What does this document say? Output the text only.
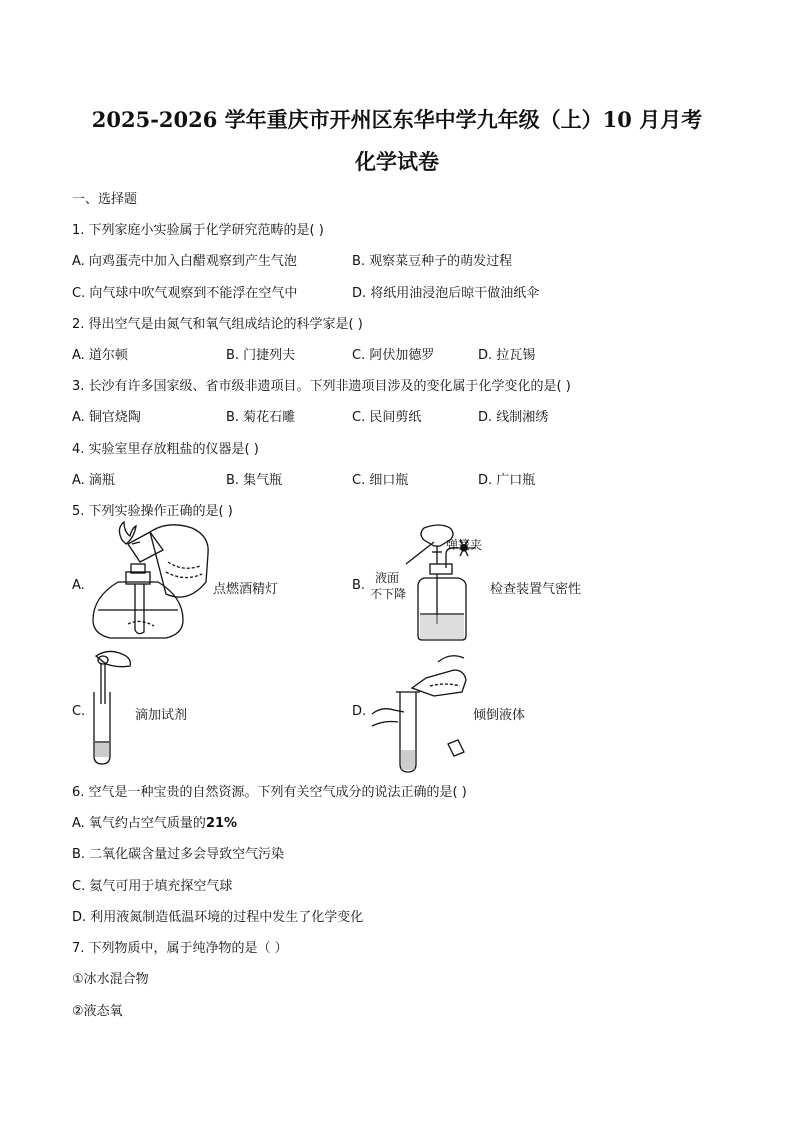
2025-2026 学年重庆市开州区东华中学九年级（上）10 月月考
化学试卷
一、选择题
1. 下列家庭小实验属于化学研究范畴的是( )
A. 向鸡蛋壳中加入白醋观察到产生气泡	B. 观察菜豆种子的萌发过程
C. 向气球中吹气观察到不能浮在空气中	D. 将纸用油浸泡后晾干做油纸伞
2. 得出空气是由氮气和氧气组成结论的科学家是( )
A. 道尔顿	B. 门捷列夫	C. 阿伏加德罗	D. 拉瓦锡
3. 长沙有许多国家级、省市级非遗项目。下列非遗项目涉及的变化属于化学变化的是( )
A. 铜官烧陶	B. 菊花石雕	C. 民间剪纸	D. 线制湘绣
4. 实验室里存放粗盐的仪器是( )
A. 滴瓶	B. 集气瓶	C. 细口瓶	D. 广口瓶
5. 下列实验操作正确的是( )
A.	点燃酒精灯	B.
弹簧夹
液面
不下降	检查装置气密性
C.	滴加试剂	D.	倾倒液体
6. 空气是一种宝贵的自然资源。下列有关空气成分的说法正确的是( )
A. 氧气约占空气质量的21%
B. 二氧化碳含量过多会导致空气污染
C. 氦气可用于填充探空气球
D. 利用液氮制造低温环境的过程中发生了化学变化
7. 下列物质中，属于纯净物的是（ ）
①冰水混合物
②液态氧
